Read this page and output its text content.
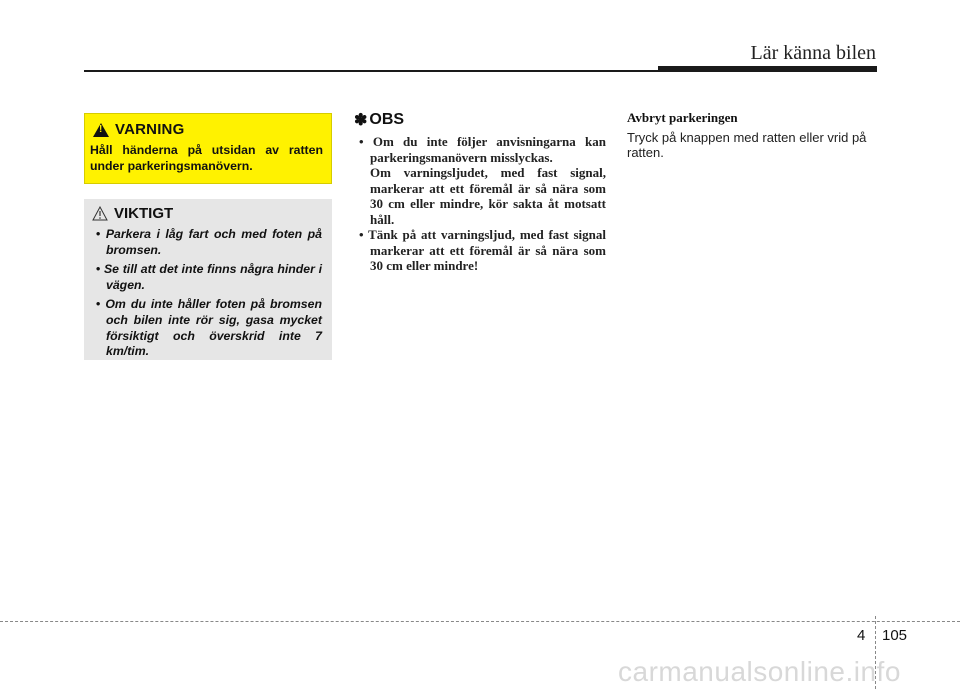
Lär känna bilen
!
VARNING
Håll händerna på utsidan av ratten under parkeringsmanövern.
VIKTIGT
• Parkera i låg fart och med foten på bromsen.
• Se till att det inte finns några hinder i vägen.
• Om du inte håller foten på bromsen och bilen inte rör sig, gasa mycket försiktigt och överskrid inte 7 km/tim.
✽ OBS
• Om du inte följer anvisningarna kan parkeringsmanövern misslyckas.
Om varningsljudet, med fast signal, markerar att ett föremål är så nära som 30 cm eller mindre, kör sakta åt motsatt håll.
• Tänk på att varningsljud, med fast signal markerar att ett föremål är så nära som 30 cm eller mindre!
Avbryt parkeringen
Tryck på knappen med ratten eller vrid på ratten.
4 105
carmanualsonline.info
